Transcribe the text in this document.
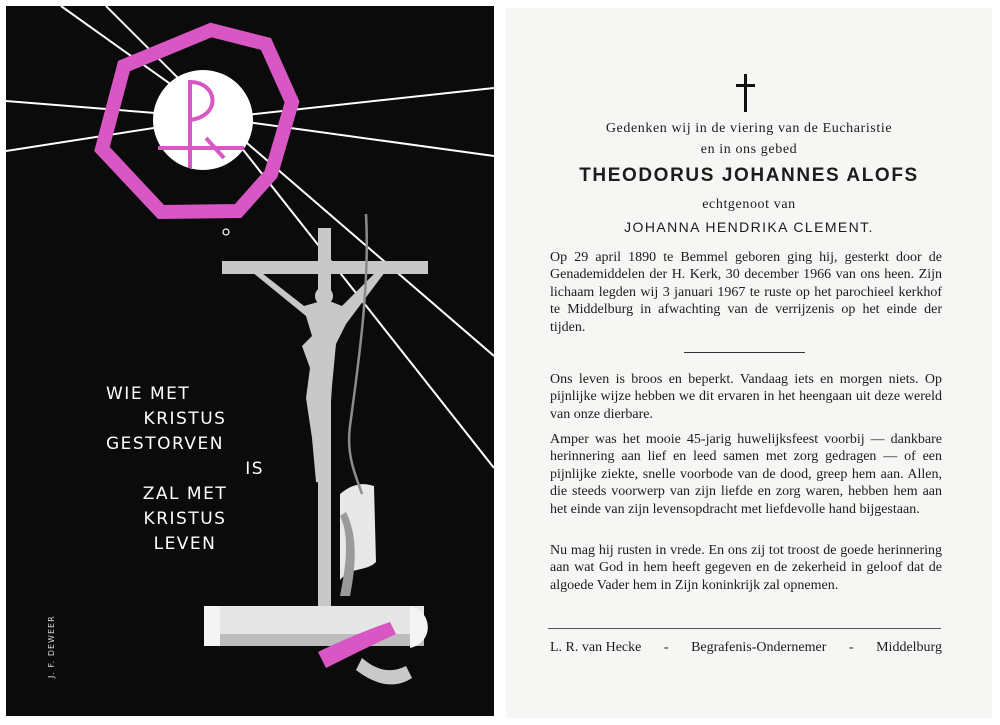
WIE MET
KRISTUS
GESTORVEN
IS
ZAL MET
KRISTUS
LEVEN
J. F. DEWEER
Gedenken wij in de viering van de Eucharistie
en in ons gebed
THEODORUS JOHANNES ALOFS
echtgenoot van
JOHANNA HENDRIKA CLEMENT.
Op 29 april 1890 te Bemmel geboren ging hij, gesterkt door de Genademiddelen der H. Kerk, 30 december 1966 van ons heen. Zijn lichaam legden wij 3 januari 1967 te ruste op het parochieel kerkhof te Middelburg in afwachting van de verrijzenis op het einde der tijden.
Ons leven is broos en beperkt. Vandaag iets en morgen niets. Op pijnlijke wijze hebben we dit ervaren in het heengaan uit deze wereld van onze dierbare.
Amper was het mooie 45-jarig huwelijksfeest voorbij — dankbare herinnering aan lief en leed samen met zorg gedragen — of een pijnlijke ziekte, snelle voorbode van de dood, greep hem aan. Allen, die steeds voorwerp van zijn liefde en zorg waren, hebben hem aan het einde van zijn levensopdracht met liefdevolle hand bijgestaan.
Nu mag hij rusten in vrede. En ons zij tot troost de goede herinnering aan wat God in hem heeft gegeven en de zekerheid in geloof dat de algoede Vader hem in Zijn koninkrijk zal opnemen.
L. R. van Hecke - Begrafenis-Ondernemer - Middelburg
